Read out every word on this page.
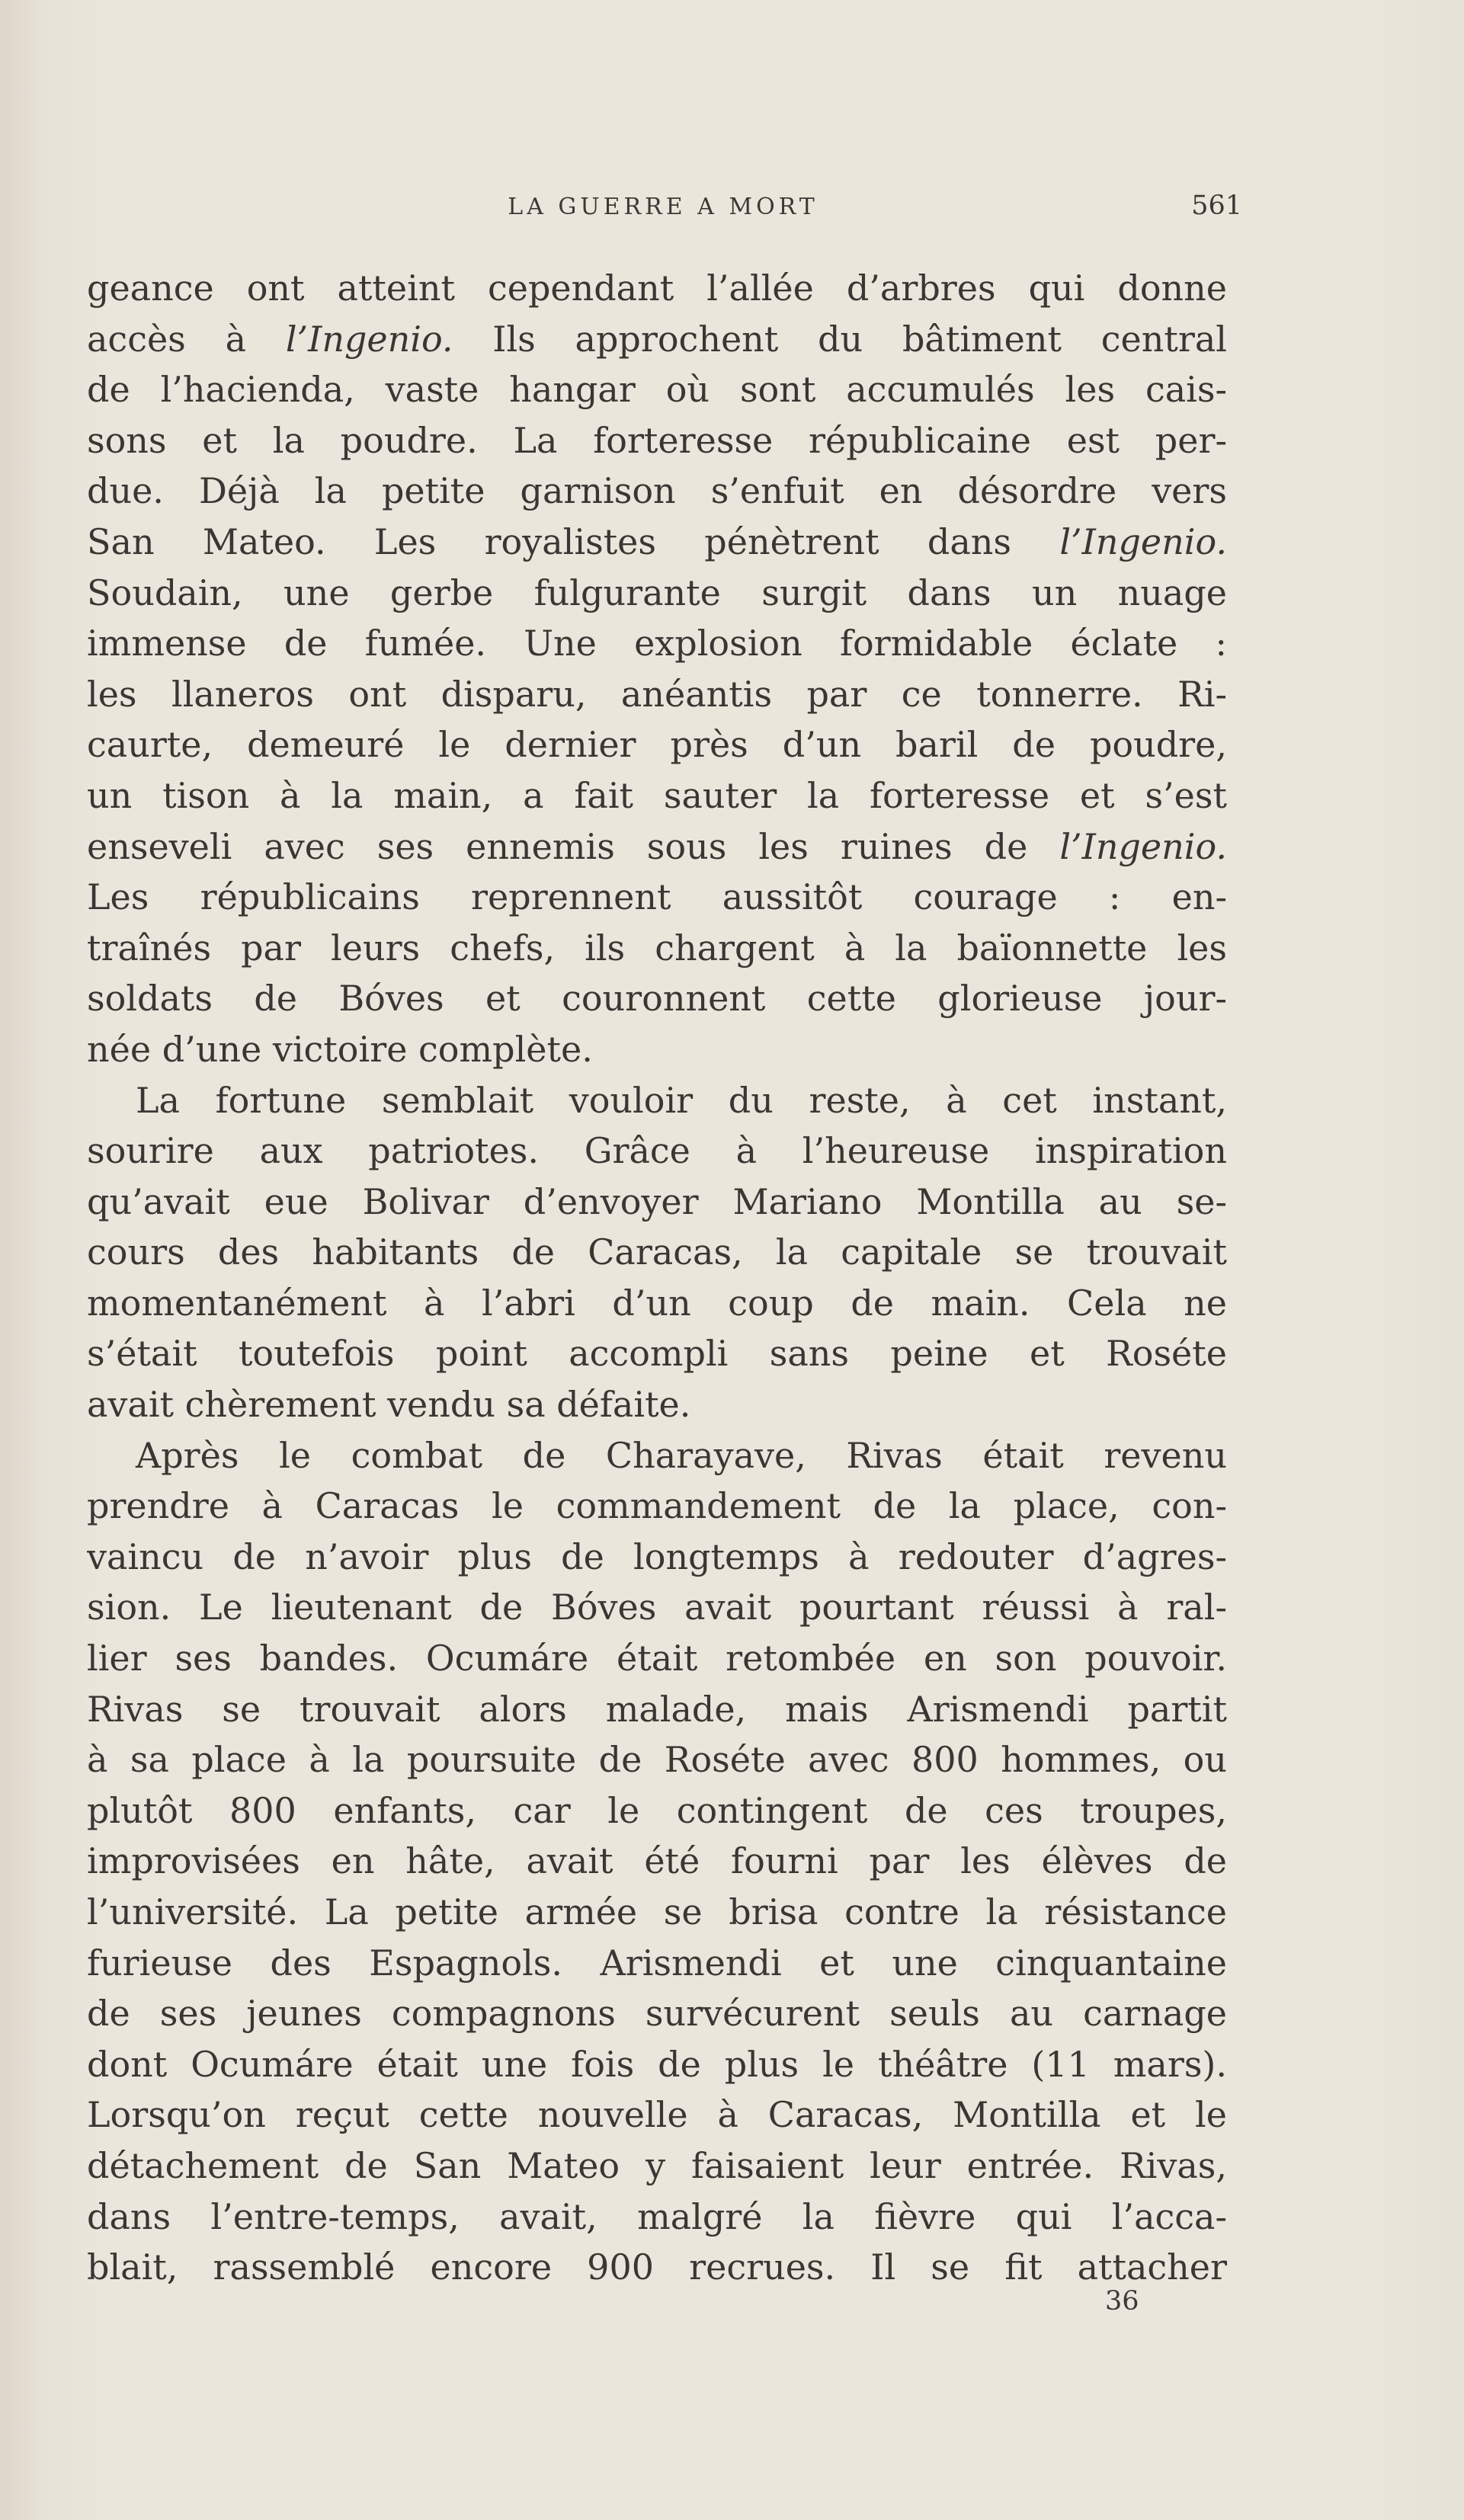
LA GUERRE A MORT	561
geance ont atteint cependant l’allée d’arbres qui donne
accès à l’Ingenio. Ils approchent du bâtiment central
de l’hacienda, vaste hangar où sont accumulés les cais-
sons et la poudre. La forteresse républicaine est per-
due. Déjà la petite garnison s’enfuit en désordre vers
San Mateo. Les royalistes pénètrent dans l’Ingenio.
Soudain, une gerbe fulgurante surgit dans un nuage
immense de fumée. Une explosion formidable éclate :
les llaneros ont disparu, anéantis par ce tonnerre. Ri-
caurte, demeuré le dernier près d’un baril de poudre,
un tison à la main, a fait sauter la forteresse et s’est
enseveli avec ses ennemis sous les ruines de l’Ingenio.
Les républicains reprennent aussitôt courage : en-
traînés par leurs chefs, ils chargent à la baïonnette les
soldats de Bóves et couronnent cette glorieuse jour-
née d’une victoire complète.
La fortune semblait vouloir du reste, à cet instant,
sourire aux patriotes. Grâce à l’heureuse inspiration
qu’avait eue Bolivar d’envoyer Mariano Montilla au se-
cours des habitants de Caracas, la capitale se trouvait
momentanément à l’abri d’un coup de main. Cela ne
s’était toutefois point accompli sans peine et Roséte
avait chèrement vendu sa défaite.
Après le combat de Charayave, Rivas était revenu
prendre à Caracas le commandement de la place, con-
vaincu de n’avoir plus de longtemps à redouter d’agres-
sion. Le lieutenant de Bóves avait pourtant réussi à ral-
lier ses bandes. Ocumáre était retombée en son pouvoir.
Rivas se trouvait alors malade, mais Arismendi partit
à sa place à la poursuite de Roséte avec 800 hommes, ou
plutôt 800 enfants, car le contingent de ces troupes,
improvisées en hâte, avait été fourni par les élèves de
l’université. La petite armée se brisa contre la résistance
furieuse des Espagnols. Arismendi et une cinquantaine
de ses jeunes compagnons survécurent seuls au carnage
dont Ocumáre était une fois de plus le théâtre (11 mars).
Lorsqu’on reçut cette nouvelle à Caracas, Montilla et le
détachement de San Mateo y faisaient leur entrée. Rivas,
dans l’entre-temps, avait, malgré la fièvre qui l’acca-
blait, rassemblé encore 900 recrues. Il se fit attacher
36
